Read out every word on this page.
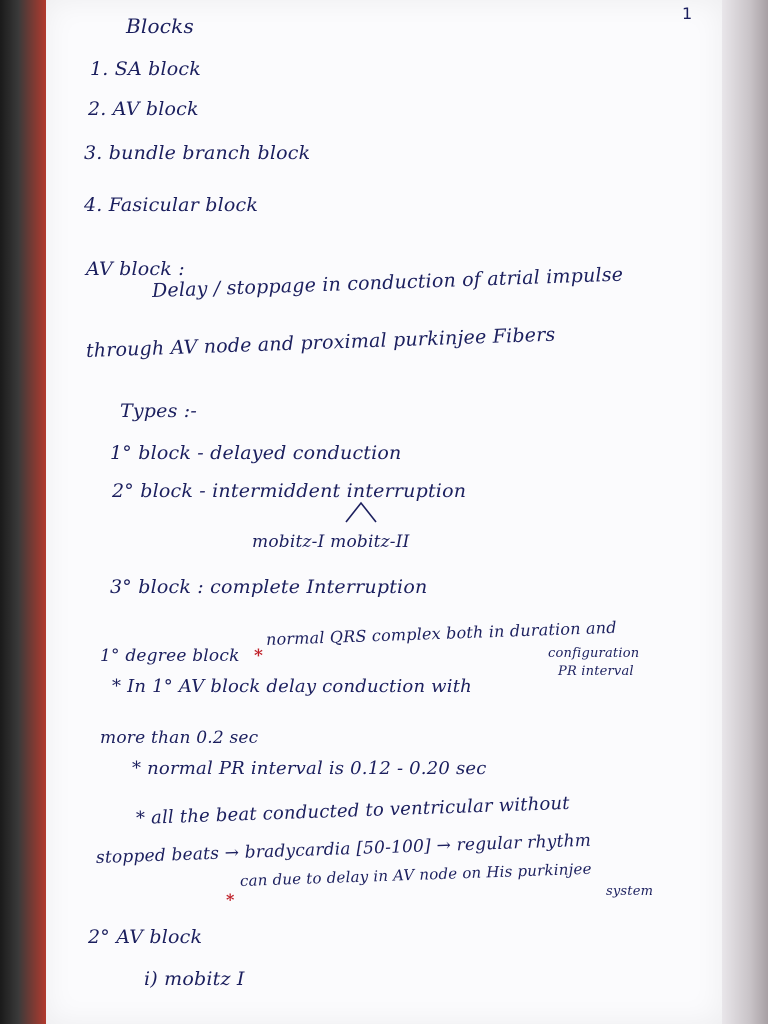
1
Blocks
1. SA block
2. AV block
3. bundle branch block
4. Fasicular block
AV block :
Delay / stoppage in conduction of atrial impulse
through AV node and proximal purkinjee Fibers
Types :-
1° block - delayed conduction
2° block - intermiddent interruption
mobitz-I mobitz-II
3° block : complete Interruption
1° degree block *
normal QRS complex both in duration and
configuration
PR interval
* In 1° AV block delay conduction with
more than 0.2 sec
* normal PR interval is 0.12 - 0.20 sec
* all the beat conducted to ventricular without
stopped beats → bradycardia [50-100] → regular rhythm
*
can due to delay in AV node on His purkinjee
system
2° AV block
i) mobitz I
